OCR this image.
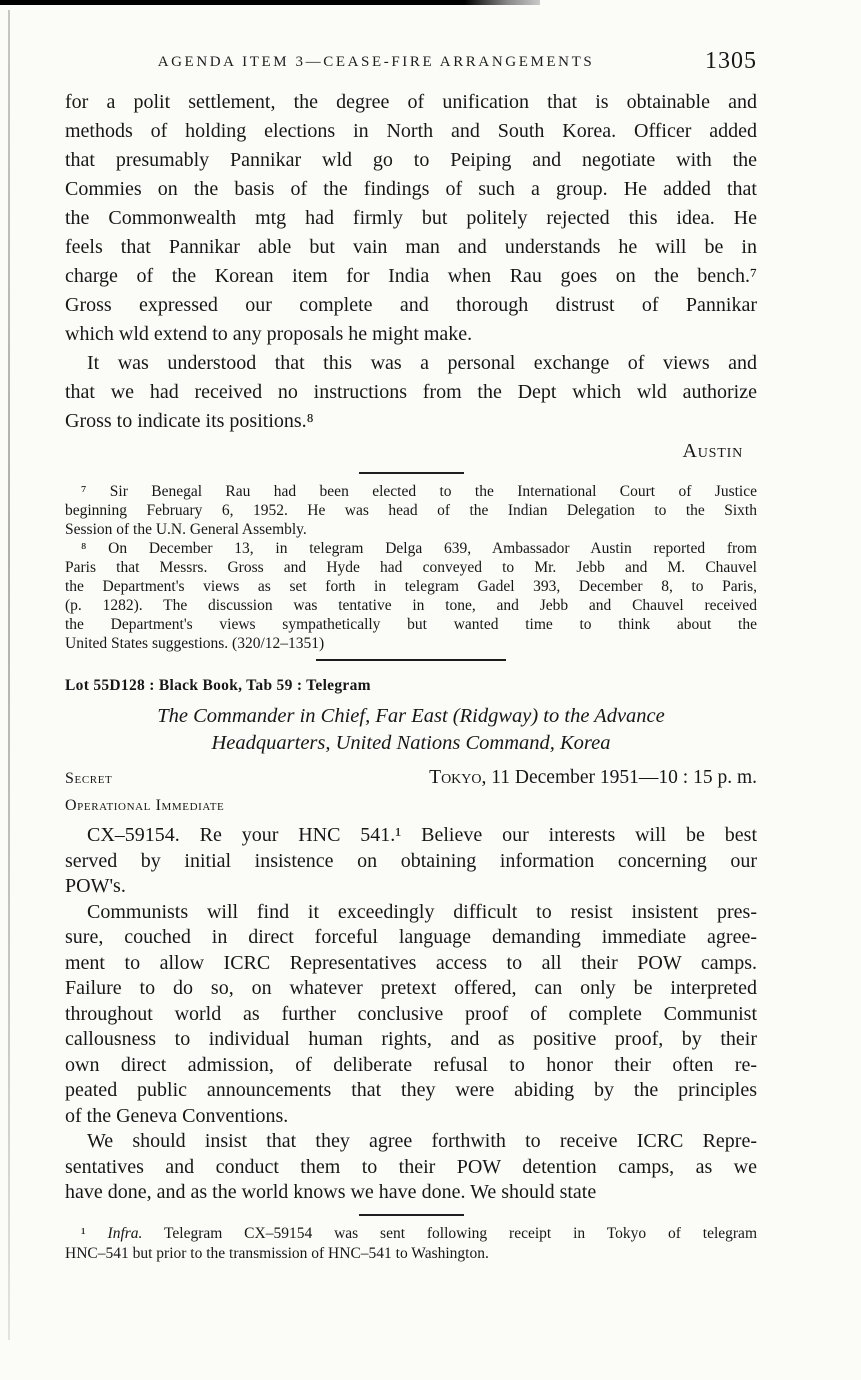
AGENDA ITEM 3—CEASE-FIRE ARRANGEMENTS	1305
for a polit settlement, the degree of unification that is obtainable and
methods of holding elections in North and South Korea. Officer added
that presumably Pannikar wld go to Peiping and negotiate with the
Commies on the basis of the findings of such a group. He added that
the Commonwealth mtg had firmly but politely rejected this idea. He
feels that Pannikar able but vain man and understands he will be in
charge of the Korean item for India when Rau goes on the bench.⁷
Gross expressed our complete and thorough distrust of Pannikar
which wld extend to any proposals he might make.
It was understood that this was a personal exchange of views and
that we had received no instructions from the Dept which wld authorize
Gross to indicate its positions.⁸
Austin
⁷ Sir Benegal Rau had been elected to the International Court of Justice
beginning February 6, 1952. He was head of the Indian Delegation to the Sixth
Session of the U.N. General Assembly.
⁸ On December 13, in telegram Delga 639, Ambassador Austin reported from
Paris that Messrs. Gross and Hyde had conveyed to Mr. Jebb and M. Chauvel
the Department's views as set forth in telegram Gadel 393, December 8, to Paris,
(p. 1282). The discussion was tentative in tone, and Jebb and Chauvel received
the Department's views sympathetically but wanted time to think about the
United States suggestions. (320/12–1351)
Lot 55D128 : Black Book, Tab 59 : Telegram
The Commander in Chief, Far East (Ridgway) to the Advance
Headquarters, United Nations Command, Korea
Secret	Tokyo, 11 December 1951—10 : 15 p. m.
Operational Immediate
CX–59154. Re your HNC 541.¹ Believe our interests will be best
served by initial insistence on obtaining information concerning our
POW's.
Communists will find it exceedingly difficult to resist insistent pres-
sure, couched in direct forceful language demanding immediate agree-
ment to allow ICRC Representatives access to all their POW camps.
Failure to do so, on whatever pretext offered, can only be interpreted
throughout world as further conclusive proof of complete Communist
callousness to individual human rights, and as positive proof, by their
own direct admission, of deliberate refusal to honor their often re-
peated public announcements that they were abiding by the principles
of the Geneva Conventions.
We should insist that they agree forthwith to receive ICRC Repre-
sentatives and conduct them to their POW detention camps, as we
have done, and as the world knows we have done. We should state
¹ Infra. Telegram CX–59154 was sent following receipt in Tokyo of telegram
HNC–541 but prior to the transmission of HNC–541 to Washington.
